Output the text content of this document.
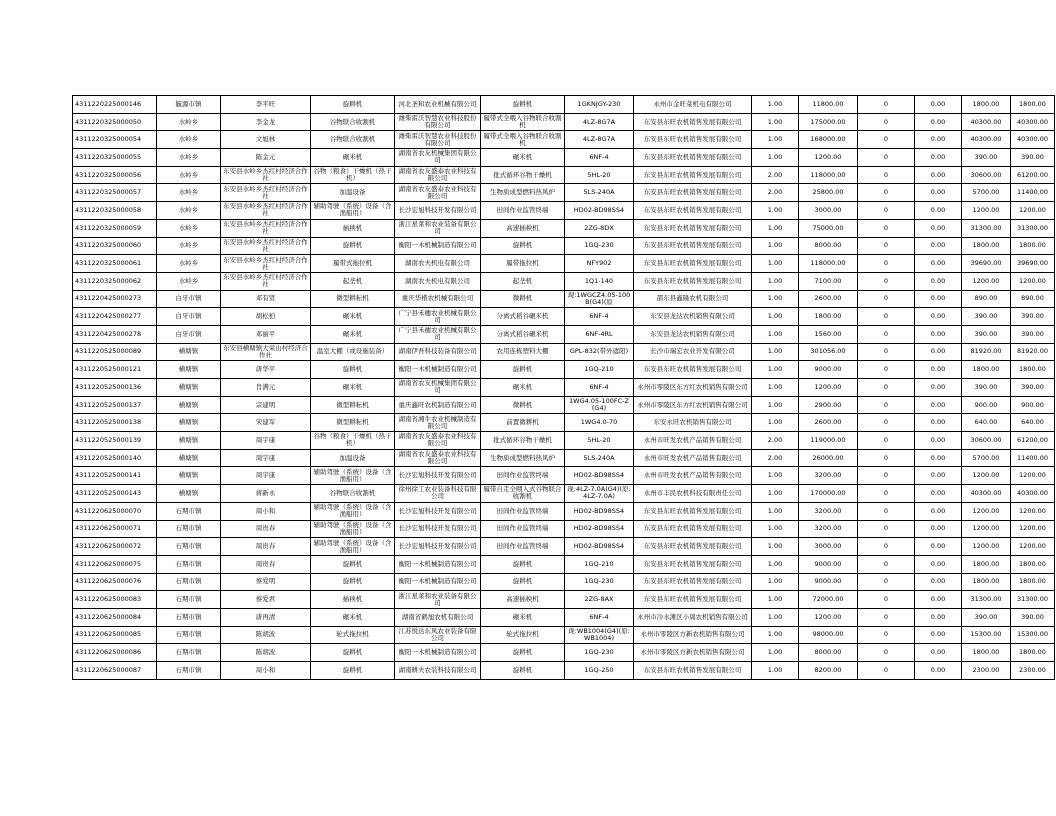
4311220225000146	毓源市镇	李平旺	旋耕机	河北圣和农业机械有限公司	旋耕机	1GKNJGY-230	永州市金旺菜机电有限公司	1.00	11800.00	0	0.00	1800.00	1800.00
4311220325000050	水岭乡	李金龙	谷物联合收割机	潍柴雷沃智慧农业科技股份有限公司	履带式全喂入谷物联合收割机	4LZ-8G7A	东安县东旺农机销售发展有限公司	1.00	175000.00	0	0.00	40300.00	40300.00
4311220325000054	水岭乡	文旭林	谷物联合收割机	潍柴雷沃智慧农业科技股份有限公司	履带式全喂入谷物联合收割机	4LZ-8G7A	东安县东旺农机销售发展有限公司	1.00	168000.00	0	0.00	40300.00	40300.00
4311220325000055	水岭乡	陈金元	碾米机	湖南省农友机械集团有限公司	碾米机	6NF-4	东安县东旺农机销售发展有限公司	1.00	1200.00	0	0.00	390.00	390.00
4311220325000056	水岭乡	东安县水岭乡杰红村经济合作社	谷物（粮食）干燥机（热干机）	湖南省农友盛泰农业科技有限公司	批式循环谷物干燥机	5HL-20	东安县东旺农机销售发展有限公司	2.00	118000.00	0	0.00	30600.00	61200.00
4311220325000057	水岭乡	东安县水岭乡杰红村经济合作社	加温设备	湖南省农友盛泰农业科技有限公司	生物质成型燃料热风炉	5LS-240A	东安县东旺农机销售发展有限公司	2.00	25800.00	0	0.00	5700.00	11400.00
4311220325000058	水岭乡	东安县水岭乡杰红村经济合作社	辅助驾驶（系统）设备（含渔船用）	长沙宏旭科技开发有限公司	田间作业监管终端	HD02-BD98SS4	东安县东旺农机销售发展有限公司	1.00	3000.00	0	0.00	1200.00	1200.00
4311220325000059	水岭乡	东安县水岭乡杰红村经济合作社	插秧机	浙江星莱和农业装备有限公司	高速插秧机	2ZG-8DX	东安县东旺农机销售发展有限公司	1.00	75000.00	0	0.00	31300.00	31300.00
4311220325000060	水岭乡	东安县水岭乡杰红村经济合作社	旋耕机	衡阳一木机械制造有限公司	旋耕机	1GQ-230	东安县东旺农机销售发展有限公司	1.00	8000.00	0	0.00	1800.00	1800.00
4311220325000061	水岭乡	东安县水岭乡杰红村经济合作社	履带式拖拉机	湖南农夫机电有限公司	履带拖拉机	NFY902	东安县东旺农机销售发展有限公司	1.00	118000.00	0	0.00	39690.00	39690.00
4311220325000062	水岭乡	东安县水岭乡杰红村经济合作社	起垄机	湖南农夫机电有限公司	起垄机	1Q1-140	东安县东旺农机销售发展有限公司	1.00	7100.00	0	0.00	1200.00	1200.00
4311220425000273	白牙市镇	邓有贤	微型耕耘机	重庆华楷农机械有限公司	微耕机	现:1WGCZ4.05-100B(G4)(原	邵东县鑫隆农机有限公司	1.00	2600.00	0	0.00	890.00	890.00
4311220425000277	白牙市镇	胡松柏	碾米机	广宁县禾穗农业机械有限公司	分离式稻谷碾米机	6NF-4	东安县龙达农机销售有限公司	1.00	1800.00	0	0.00	390.00	390.00
4311220425000278	白牙市镇	邓丽平	碾米机	广宁县禾穗农业机械有限公司	分离式稻谷碾米机	6NF-4RL	东安县龙达农机销售有限公司	1.00	1560.00	0	0.00	390.00	390.00
4311220525000089	横塘镇	东安县横塘镇大荣山村经济合作社	温室大棚（或设施装备）	湖南伊吾科技装备有限公司	农用连栋塑料大棚	GPL-832(带外遮阳)	长沙市瑞宏农业开发有限公司	1.00	301056.00	0	0.00	81920.00	81920.00
4311220525000121	横塘镇	唐华平	旋耕机	衡阳一木机械制造有限公司	旋耕机	1GQ-210	东安县东旺农机销售发展有限公司	1.00	9000.00	0	0.00	1800.00	1800.00
4311220525000136	横塘镇	肖满元	碾米机	湖南省农友机械集团有限公司	碾米机	6NF-4	永州市零陵区东方红农机销售有限公司	1.00	1200.00	0	0.00	390.00	390.00
4311220525000137	横塘镇	宗建明	微型耕耘机	重庆鑫旺农机制造有限公司	微耕机	1WG4.05-100FC-Z(G4)	永州市零陵区东方红农机销售有限公司	1.00	2900.00	0	0.00	900.00	900.00
4311220525000138	横塘镇	宋建军	微型耕耘机	湖南省湘牛农业机械制造有限公司	前置微耕机	1WG4.0-70	东安永旺农机销售有限公司	1.00	2600.00	0	0.00	640.00	640.00
4311220525000139	横塘镇	周宇康	谷物（粮食）干燥机（热干机）	湖南省农友盛泰农业科技有限公司	批式循环谷物干燥机	5HL-20	永州市旺发农机产品销售有限公司	2.00	119000.00	0	0.00	30600.00	61200.00
4311220525000140	横塘镇	周宇康	加温设备	湖南省农友盛泰农业科技有限公司	生物质成型燃料热风炉	5LS-240A	永州市旺发农机产品销售有限公司	2.00	26000.00	0	0.00	5700.00	11400.00
4311220525000141	横塘镇	周宇康	辅助驾驶（系统）设备（含渔船用）	长沙宏旭科技开发有限公司	田间作业监管终端	HD02-BD98SS4	永州市旺发农机产品销售有限公司	1.00	3200.00	0	0.00	1200.00	1200.00
4311220525000143	横塘镇	蒋新永	谷物联合收割机	徐州徐工农业装备科技有限公司	履带自走全喂入式谷物联合收割机	现:4LZ-7.0A(G4)(原:4LZ-7.0A)	永州市丰民农机科技有限责任公司	1.00	170000.00	0	0.00	40300.00	40300.00
4311220625000070	石期市镇	周小和	辅助驾驶（系统）设备（含渔船用）	长沙宏旭科技开发有限公司	田间作业监管终端	HD02-BD98SS4	东安县东旺农机销售发展有限公司	1.00	3200.00	0	0.00	1200.00	1200.00
4311220625000071	石期市镇	周贵春	辅助驾驶（系统）设备（含渔船用）	长沙宏旭科技开发有限公司	田间作业监管终端	HD02-BD98SS4	东安县东旺农机销售发展有限公司	1.00	3200.00	0	0.00	1200.00	1200.00
4311220625000072	石期市镇	周贵春	辅助驾驶（系统）设备（含渔船用）	长沙宏旭科技开发有限公司	田间作业监管终端	HD02-BD98SS4	东安县东旺农机销售发展有限公司	1.00	3000.00	0	0.00	1200.00	1200.00
4311220625000075	石期市镇	周贵春	旋耕机	衡阳一木机械制造有限公司	旋耕机	1GQ-210	东安县东旺农机销售发展有限公司	1.00	9000.00	0	0.00	1800.00	1800.00
4311220625000076	石期市镇	蔡爱明	旋耕机	衡阳一木机械制造有限公司	旋耕机	1GQ-230	东安县东旺农机销售发展有限公司	1.00	9000.00	0	0.00	1800.00	1800.00
4311220625000083	石期市镇	蔡爱君	插秧机	浙江星莱和农业装备有限公司	高速插秧机	2ZG-8AX	东安县东旺农机销售发展有限公司	1.00	72000.00	0	0.00	31300.00	31300.00
4311220625000084	石期市镇	唐再清	碾米机	湖南省鹤旭农机有限公司	碾米机	6NF-4	永州市冷水滩区小周农机销售有限公司	1.00	1200.00	0	0.00	390.00	390.00
4311220625000085	石期市镇	陈胡波	轮式拖拉机	江苏悦达东风农业装备有限公司	轮式拖拉机	现:WB1004(G4)(原:WB1004)	永州市零陵区方新农机销售有限公司	1.00	98000.00	0	0.00	15300.00	15300.00
4311220625000086	石期市镇	陈胡波	旋耕机	衡阳一木机械制造有限公司	旋耕机	1GQ-230	永州市零陵区方新农机销售有限公司	1.00	8000.00	0	0.00	1800.00	1800.00
4311220625000087	石期市镇	周小和	旋耕机	湖南耕夫农装科技有限公司	旋耕机	1GQ-250	东安县东旺农机销售发展有限公司	1.00	8200.00	0	0.00	2300.00	2300.00
